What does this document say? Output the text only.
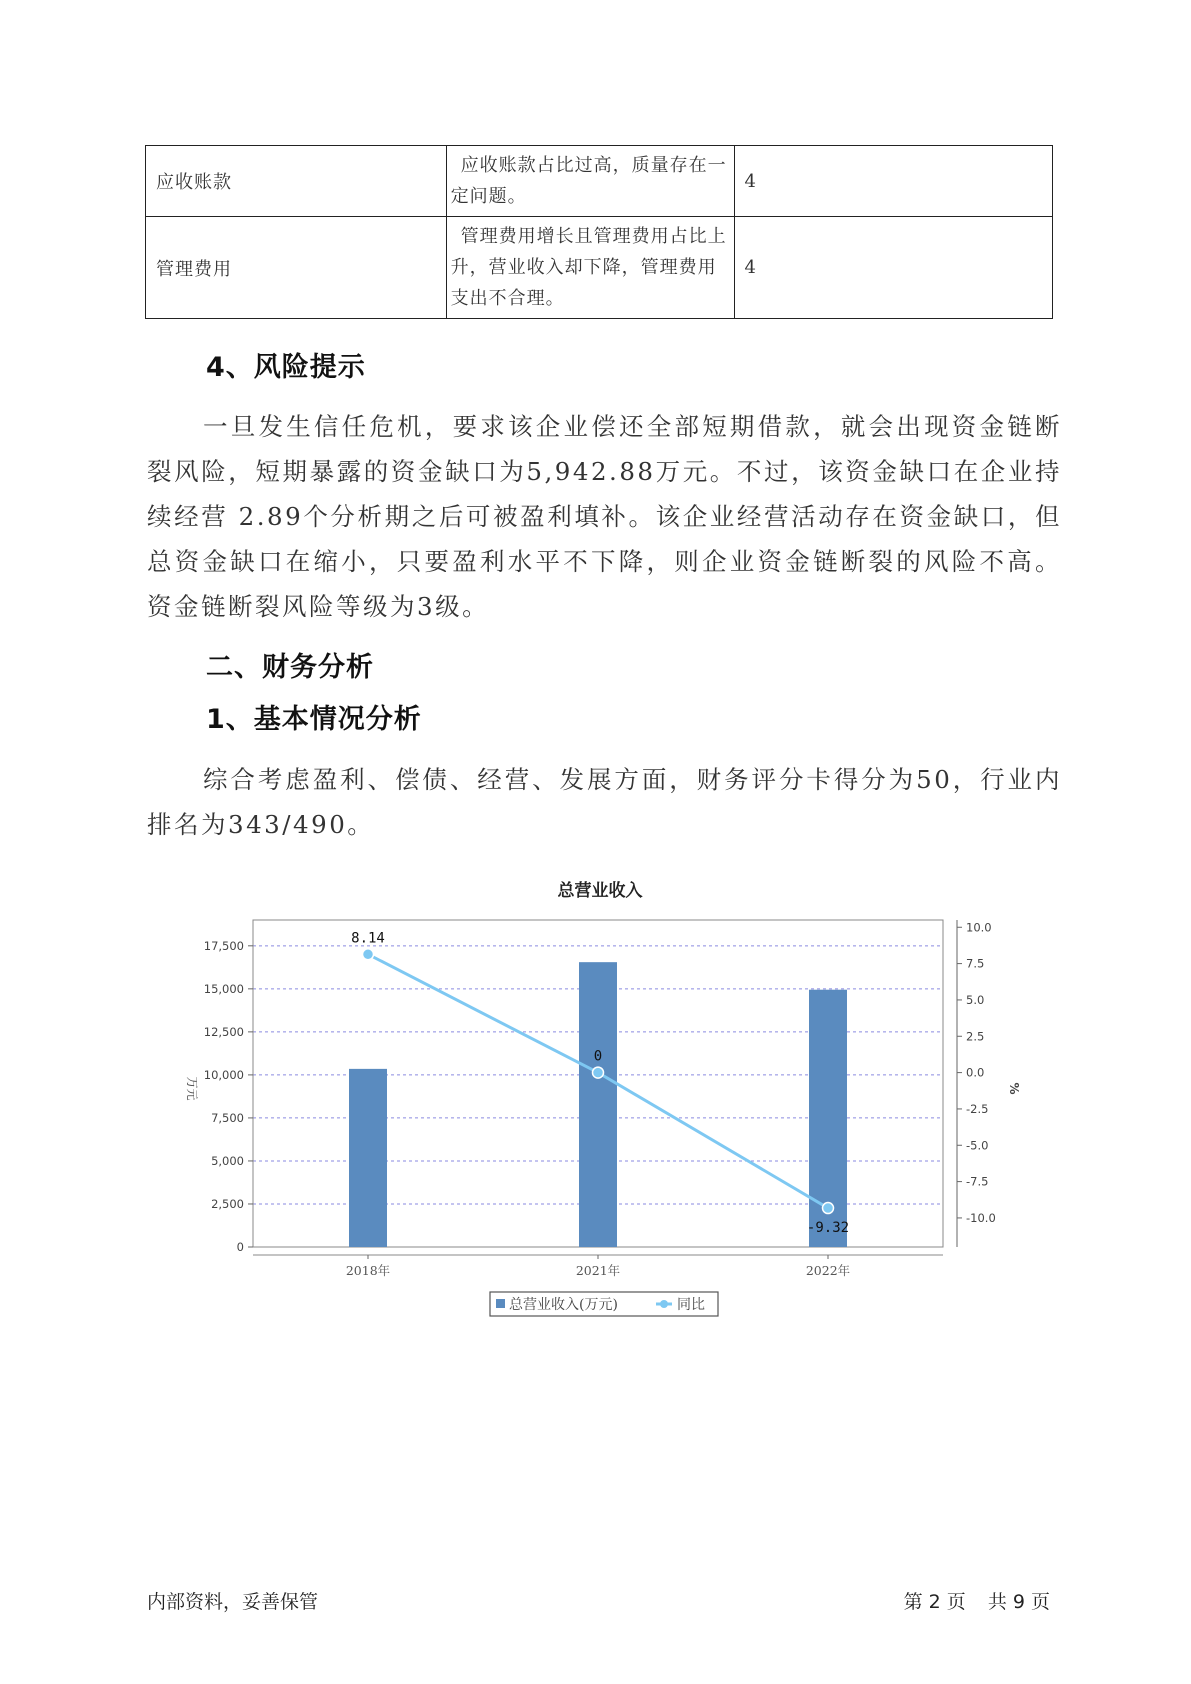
应收账款	应收账款占比过高，质量存在一定问题。	4
管理费用	管理费用增长且管理费用占比上升，营业收入却下降，管理费用支出不合理。	4
4、风险提示
一旦发生信任危机，要求该企业偿还全部短期借款，就会出现资金链断裂风险，短期暴露的资金缺口为5,942.88万元。不过，该资金缺口在企业持续经营 2.89个分析期之后可被盈利填补。该企业经营活动存在资金缺口，但总资金缺口在缩小，只要盈利水平不下降，则企业资金链断裂的风险不高。资金链断裂风险等级为3级。
二、财务分析
1、基本情况分析
综合考虑盈利、偿债、经营、发展方面，财务评分卡得分为50，行业内排名为343/490。
总营业收入
0
2,500
5,000
7,500
10,000
12,500
15,000
17,500
-10.0
-7.5
-5.0
-2.5
0.0
2.5
5.0
7.5
10.0
万元	%
2018年	2021年	2022年
8.14
0
-9.32
总营业收入(万元)	同比
内部资料，妥善保管	第 2 页 共 9 页
